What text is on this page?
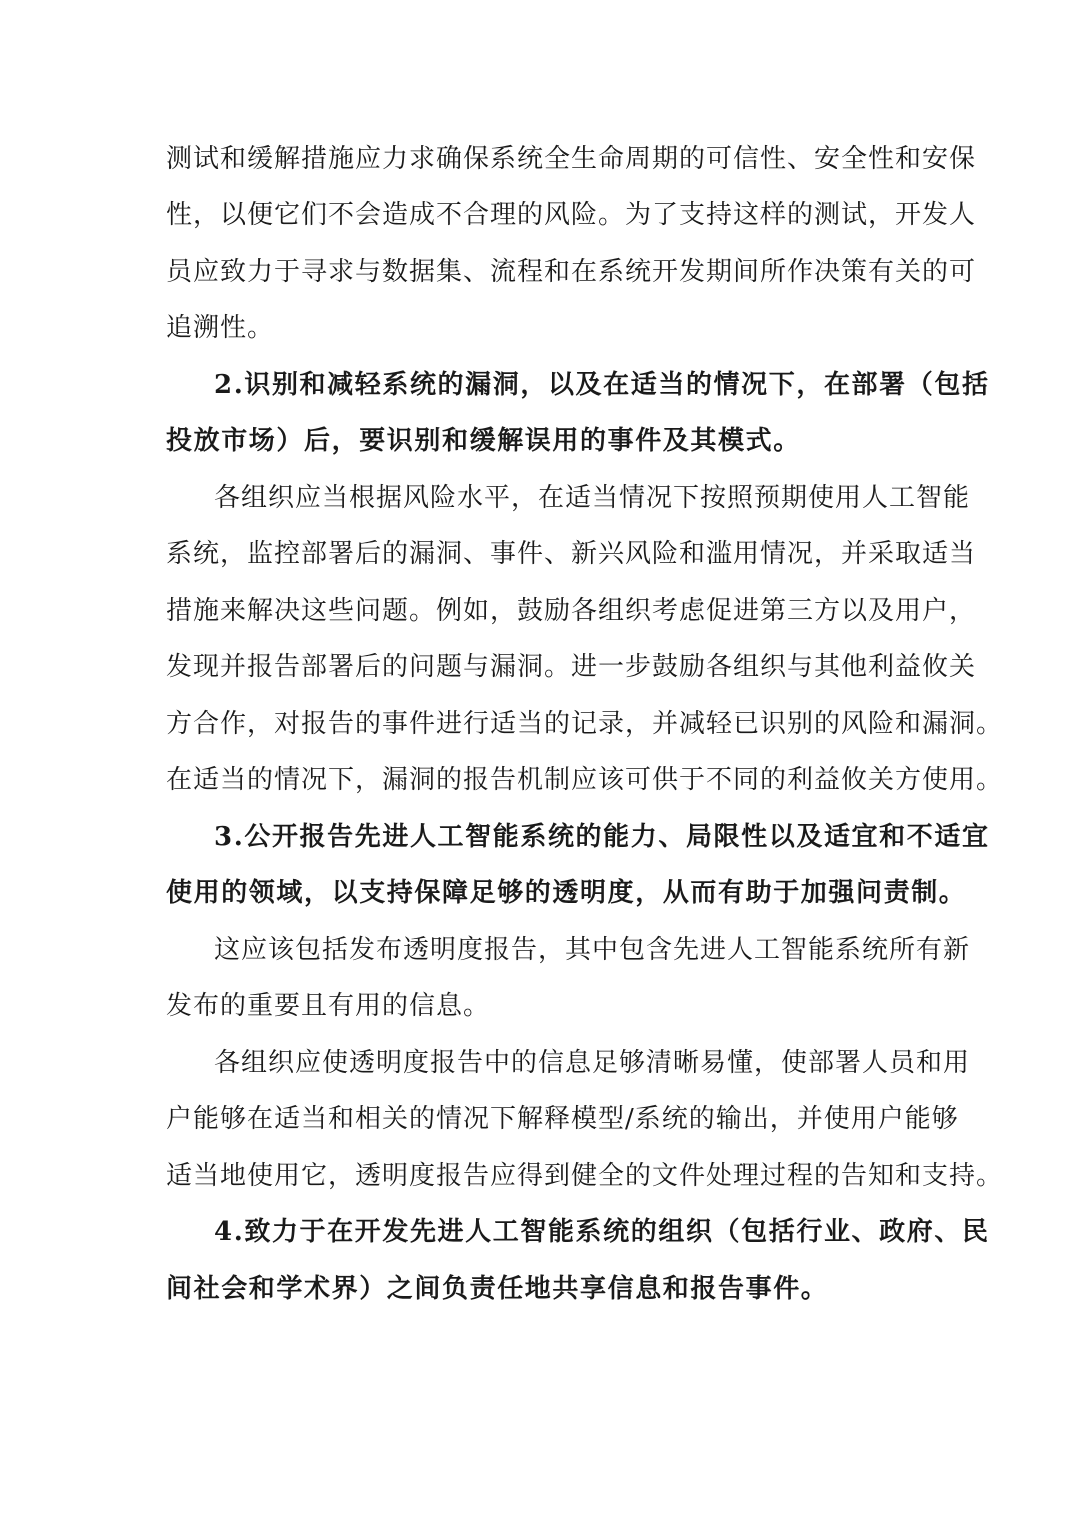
测试和缓解措施应力求确保系统全生命周期的可信性、安全性和安保
性，以便它们不会造成不合理的风险。为了支持这样的测试，开发人
员应致力于寻求与数据集、流程和在系统开发期间所作决策有关的可
追溯性。
2.识别和减轻系统的漏洞，以及在适当的情况下，在部署（包括
投放市场）后，要识别和缓解误用的事件及其模式。
各组织应当根据风险水平，在适当情况下按照预期使用人工智能
系统，监控部署后的漏洞、事件、新兴风险和滥用情况，并采取适当
措施来解决这些问题。例如，鼓励各组织考虑促进第三方以及用户，
发现并报告部署后的问题与漏洞。进一步鼓励各组织与其他利益攸关
方合作，对报告的事件进行适当的记录，并减轻已识别的风险和漏洞。
在适当的情况下，漏洞的报告机制应该可供于不同的利益攸关方使用。
3.公开报告先进人工智能系统的能力、局限性以及适宜和不适宜
使用的领域，以支持保障足够的透明度，从而有助于加强问责制。
这应该包括发布透明度报告，其中包含先进人工智能系统所有新
发布的重要且有用的信息。
各组织应使透明度报告中的信息足够清晰易懂，使部署人员和用
户能够在适当和相关的情况下解释模型/系统的输出，并使用户能够
适当地使用它，透明度报告应得到健全的文件处理过程的告知和支持。
4.致力于在开发先进人工智能系统的组织（包括行业、政府、民
间社会和学术界）之间负责任地共享信息和报告事件。
